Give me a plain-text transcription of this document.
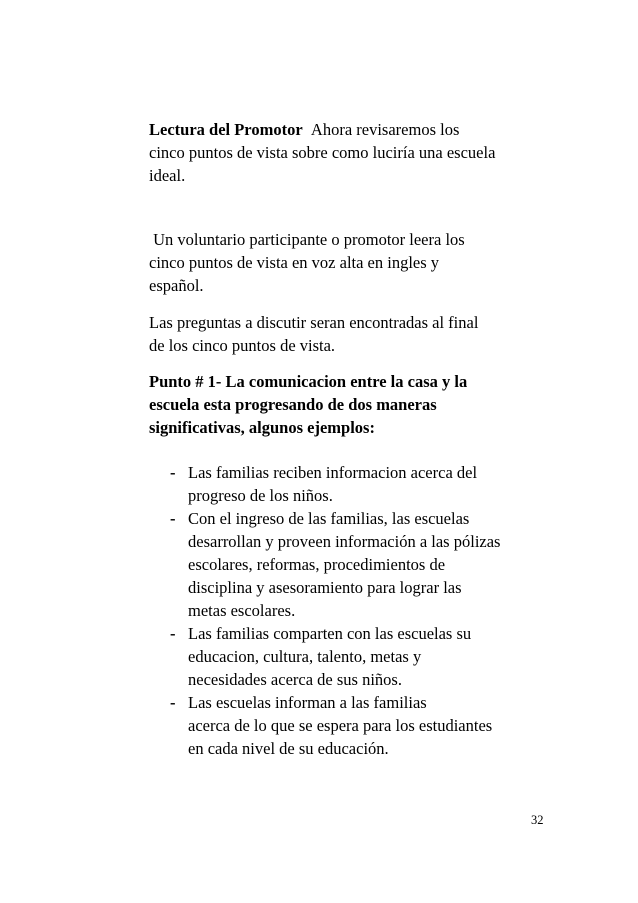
Lectura del Promotor Ahora revisaremos los
cinco puntos de vista sobre como luciría una escuela
ideal.

Un voluntario participante o promotor leera los
cinco puntos de vista en voz alta en ingles y
español.

Las preguntas a discutir seran encontradas al final
de los cinco puntos de vista.

Punto # 1- La comunicacion entre la casa y la
escuela esta progresando de dos maneras
significativas, algunos ejemplos:

- Las familias reciben informacion acerca del
progreso de los niños.
- Con el ingreso de las familias, las escuelas
desarrollan y proveen información a las pólizas
escolares, reformas, procedimientos de
disciplina y asesoramiento para lograr las
metas escolares.
- Las familias comparten con las escuelas su
educacion, cultura, talento, metas y
necesidades acerca de sus niños.
- Las escuelas informan a las familias
acerca de lo que se espera para los estudiantes
en cada nivel de su educación.
32
